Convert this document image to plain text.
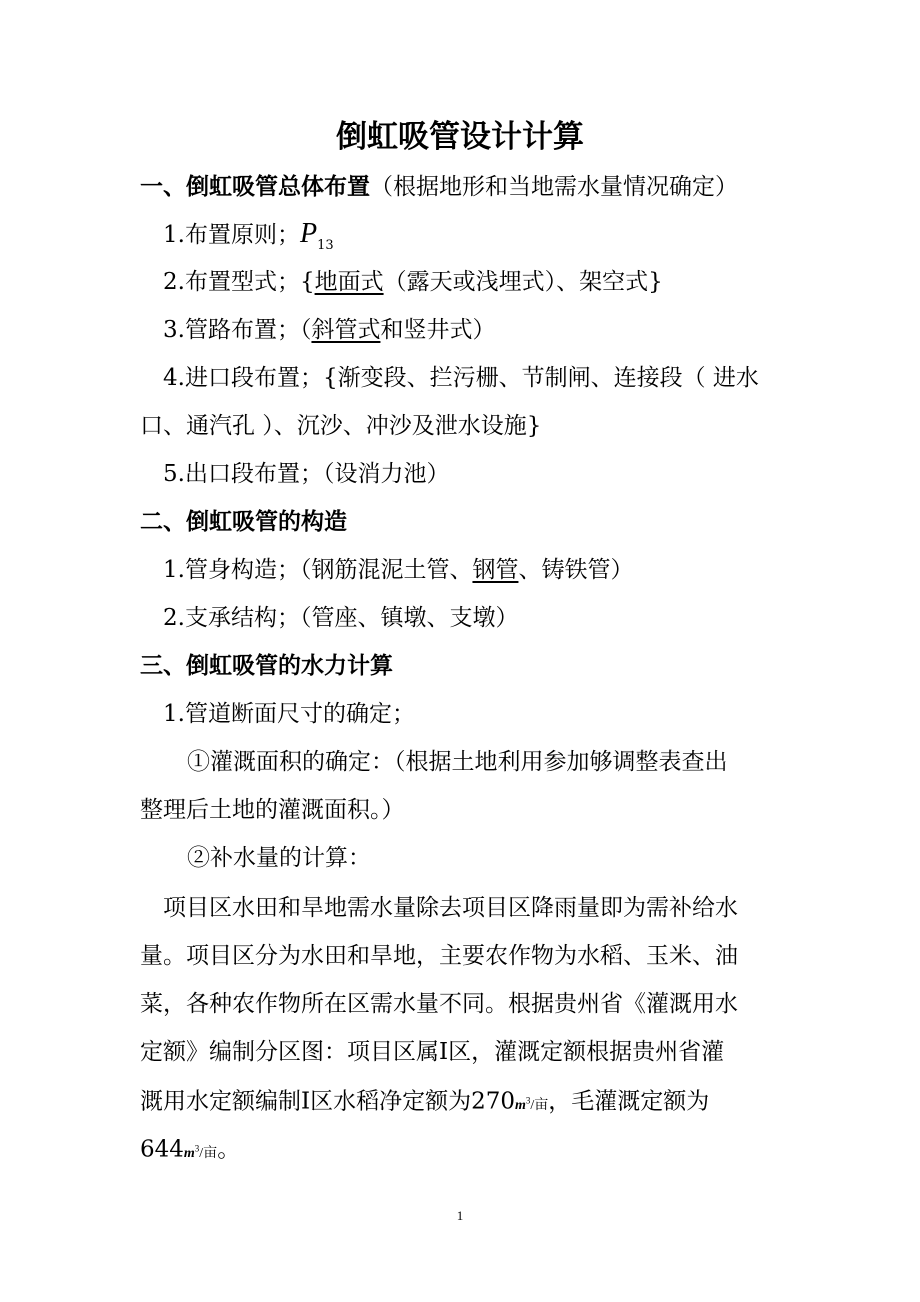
倒虹吸管设计计算
一、倒虹吸管总体布置（根据地形和当地需水量情况确定）
1.布置原则；$P_{13}$
2.布置型式；{地面式（露天或浅埋式）、架空式}
3.管路布置；（斜管式和竖井式）
4.进口段布置；{渐变段、拦污栅、节制闸、连接段（ 进水
口、通汽孔 ）、沉沙、冲沙及泄水设施}
5.出口段布置；（设消力池）
二、倒虹吸管的构造
1.管身构造；（钢筋混泥土管、钢管、铸铁管）
2.支承结构；（管座、镇墩、支墩）
三、倒虹吸管的水力计算
1.管道断面尺寸的确定；
①灌溉面积的确定：（根据土地利用参加够调整表查出
整理后土地的灌溉面积。）
②补水量的计算：
项目区水田和旱地需水量除去项目区降雨量即为需补给水
量。项目区分为水田和旱地，主要农作物为水稻、玉米、油
菜，各种农作物所在区需水量不同。根据贵州省《灌溉用水
定额》编制分区图：项目区属Ⅰ区，灌溉定额根据贵州省灌
溉用水定额编制Ⅰ区水稻净定额为$270m^3/$亩，毛灌溉定额为
$644m^3/$亩。
1
